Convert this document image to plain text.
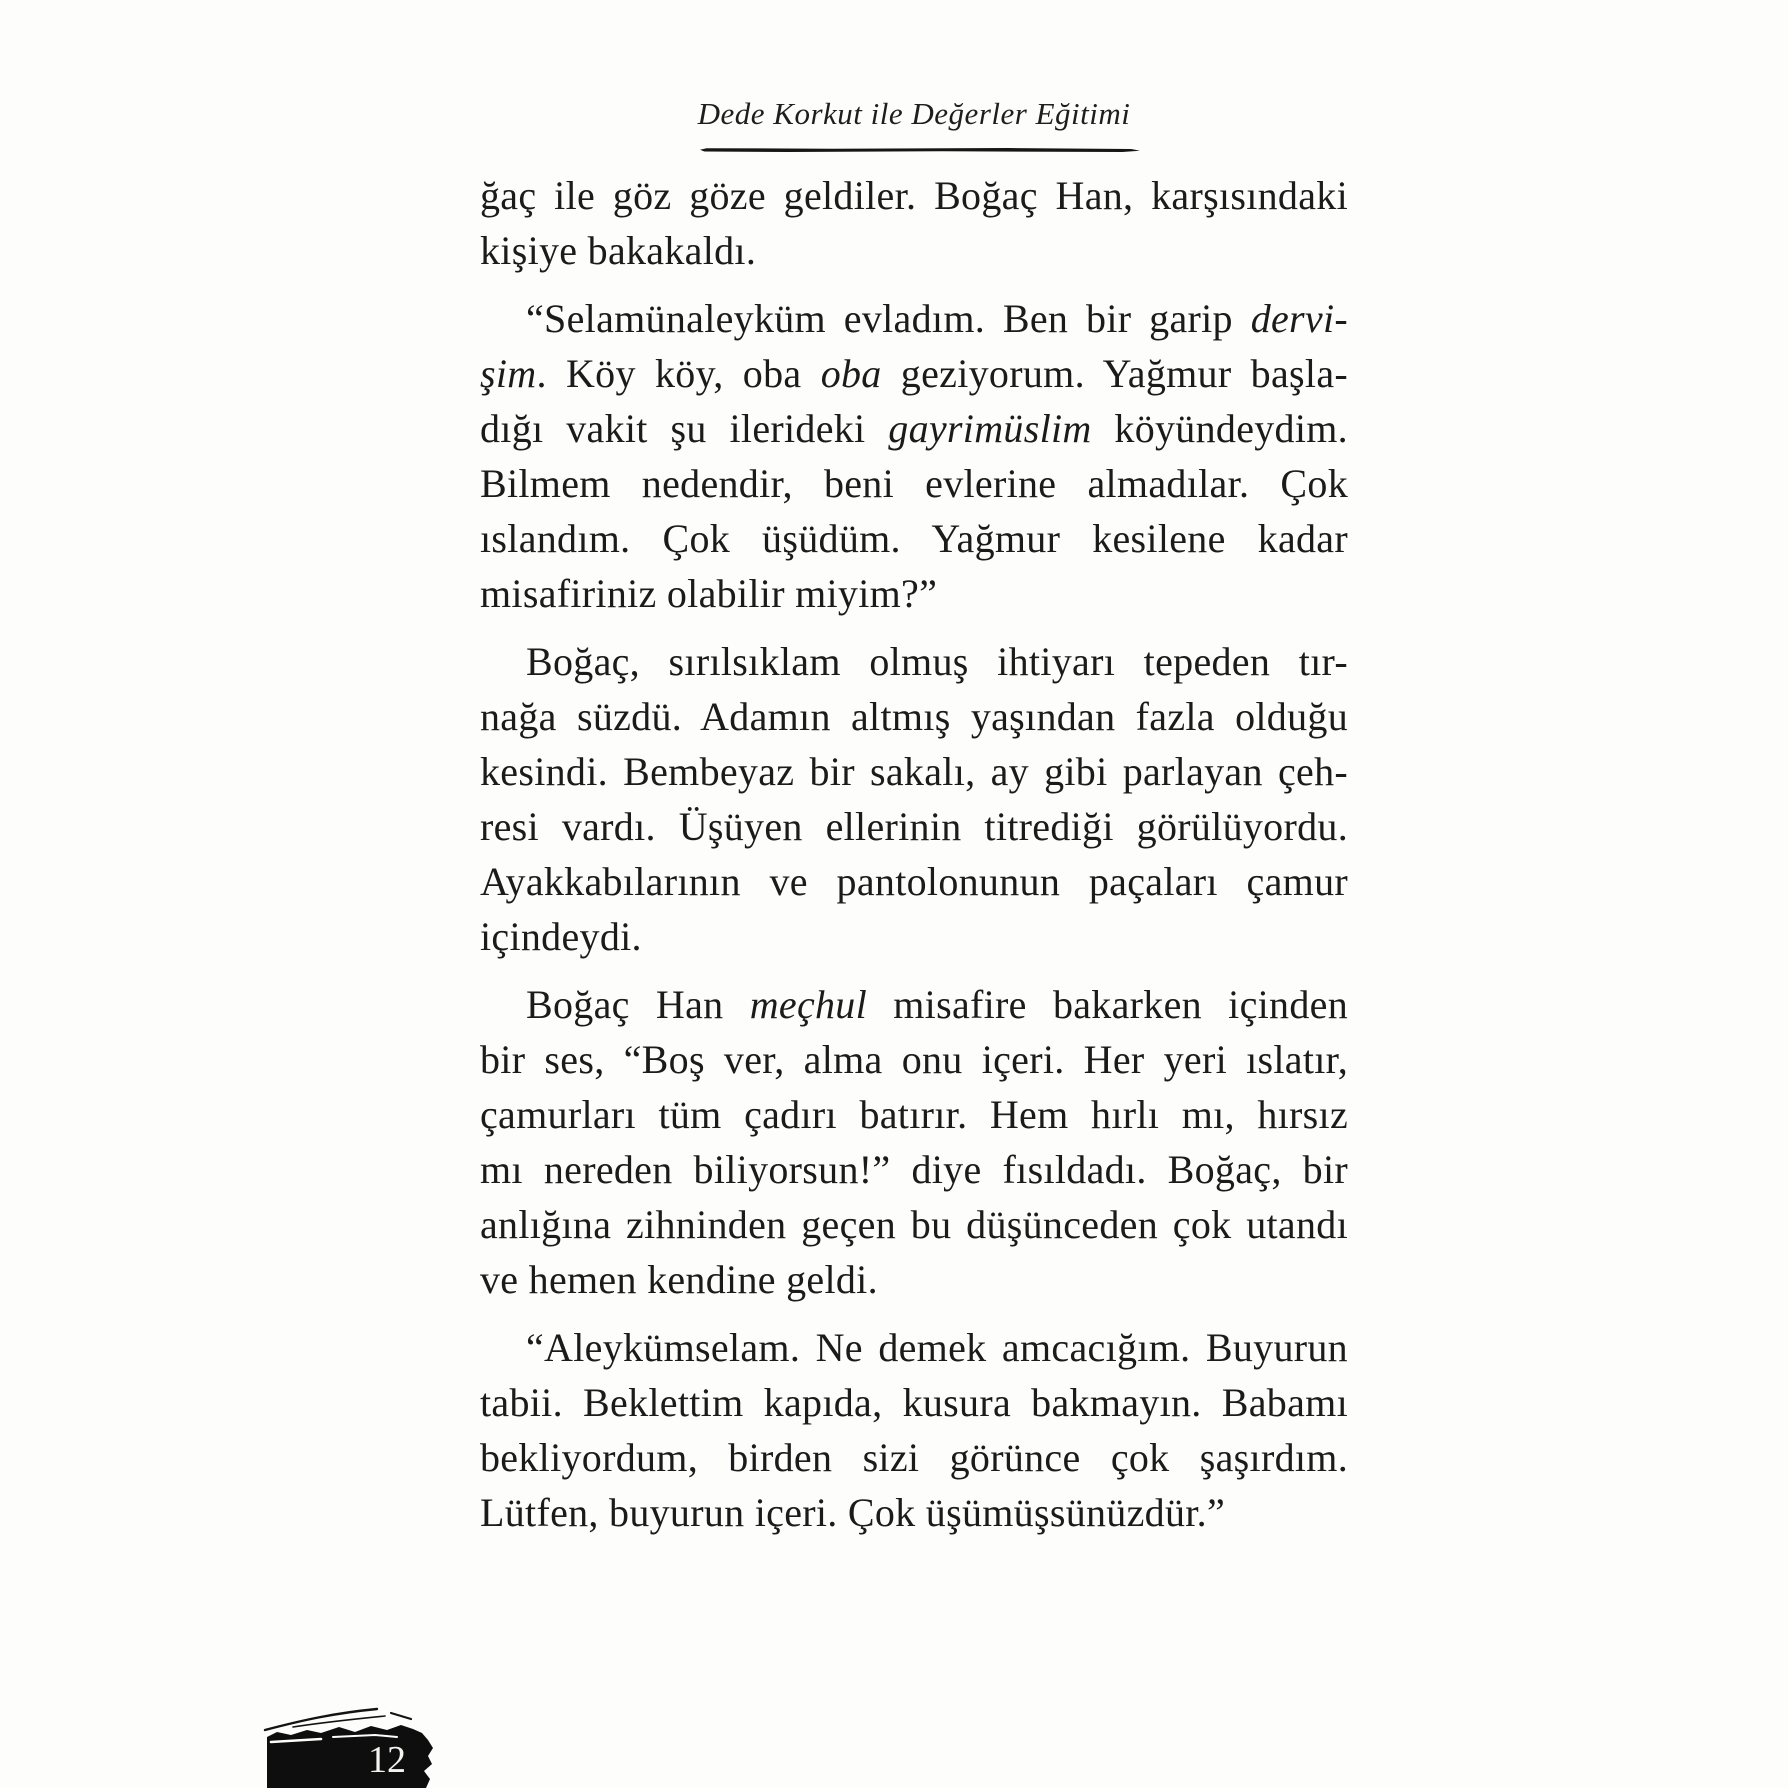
Dede Korkut ile Değerler Eğitimi
ğaç ile göz göze geldiler. Boğaç Han, karşısındaki
kişiye bakakaldı.
“Selamünaleyküm evladım. Ben bir garip dervi-
şim. Köy köy, oba oba geziyorum. Yağmur başla-
dığı vakit şu ilerideki gayrimüslim köyündeydim.
Bilmem nedendir, beni evlerine almadılar. Çok
ıslandım. Çok üşüdüm. Yağmur kesilene kadar
misafiriniz olabilir miyim?”
Boğaç, sırılsıklam olmuş ihtiyarı tepeden tır-
nağa süzdü. Adamın altmış yaşından fazla olduğu
kesindi. Bembeyaz bir sakalı, ay gibi parlayan çeh-
resi vardı. Üşüyen ellerinin titrediği görülüyordu.
Ayakkabılarının ve pantolonunun paçaları çamur
içindeydi.
Boğaç Han meçhul misafire bakarken içinden
bir ses, “Boş ver, alma onu içeri. Her yeri ıslatır,
çamurları tüm çadırı batırır. Hem hırlı mı, hırsız
mı nereden biliyorsun!” diye fısıldadı. Boğaç, bir
anlığına zihninden geçen bu düşünceden çok utandı
ve hemen kendine geldi.
“Aleykümselam. Ne demek amcacığım. Buyurun
tabii. Beklettim kapıda, kusura bakmayın. Babamı
bekliyordum, birden sizi görünce çok şaşırdım.
Lütfen, buyurun içeri. Çok üşümüşsünüzdür.”
12
